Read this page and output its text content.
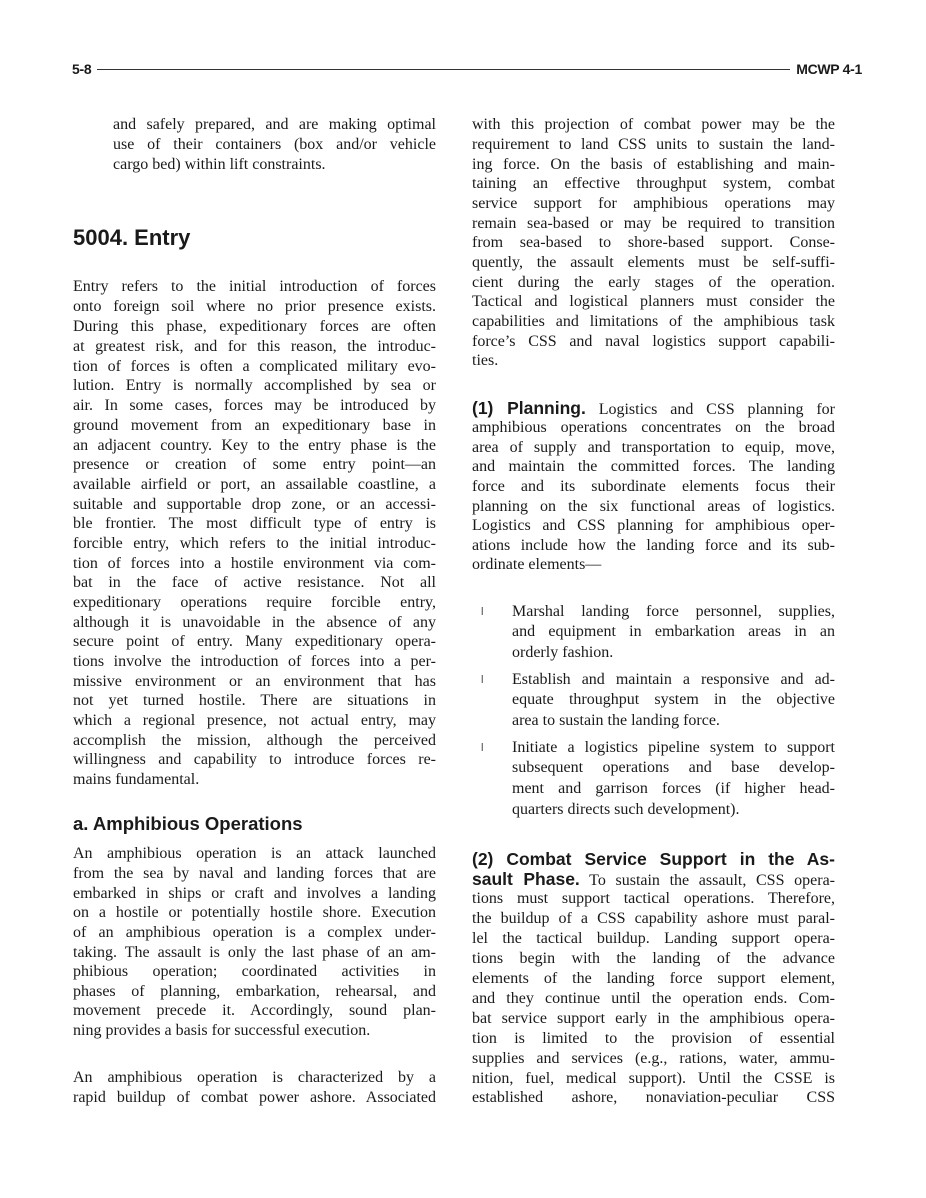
5-8	MCWP 4-1
and safely prepared, and are making optimal
use of their containers (box and/or vehicle
cargo bed) within lift constraints.
5004. Entry
Entry refers to the initial introduction of forces
onto foreign soil where no prior presence exists.
During this phase, expeditionary forces are often
at greatest risk, and for this reason, the introduc-
tion of forces is often a complicated military evo-
lution. Entry is normally accomplished by sea or
air. In some cases, forces may be introduced by
ground movement from an expeditionary base in
an adjacent country. Key to the entry phase is the
presence or creation of some entry point—an
available airfield or port, an assailable coastline, a
suitable and supportable drop zone, or an accessi-
ble frontier. The most difficult type of entry is
forcible entry, which refers to the initial introduc-
tion of forces into a hostile environment via com-
bat in the face of active resistance. Not all
expeditionary operations require forcible entry,
although it is unavoidable in the absence of any
secure point of entry. Many expeditionary opera-
tions involve the introduction of forces into a per-
missive environment or an environment that has
not yet turned hostile. There are situations in
which a regional presence, not actual entry, may
accomplish the mission, although the perceived
willingness and capability to introduce forces re-
mains fundamental.
a. Amphibious Operations
An amphibious operation is an attack launched
from the sea by naval and landing forces that are
embarked in ships or craft and involves a landing
on a hostile or potentially hostile shore. Execution
of an amphibious operation is a complex under-
taking. The assault is only the last phase of an am-
phibious operation; coordinated activities in
phases of planning, embarkation, rehearsal, and
movement precede it. Accordingly, sound plan-
ning provides a basis for successful execution.
An amphibious operation is characterized by a
rapid buildup of combat power ashore. Associated
with this projection of combat power may be the
requirement to land CSS units to sustain the land-
ing force. On the basis of establishing and main-
taining an effective throughput system, combat
service support for amphibious operations may
remain sea-based or may be required to transition
from sea-based to shore-based support. Conse-
quently, the assault elements must be self-suffi-
cient during the early stages of the operation.
Tactical and logistical planners must consider the
capabilities and limitations of the amphibious task
force’s CSS and naval logistics support capabili-
ties.
(1) Planning. Logistics and CSS planning for
amphibious operations concentrates on the broad
area of supply and transportation to equip, move,
and maintain the committed forces. The landing
force and its subordinate elements focus their
planning on the six functional areas of logistics.
Logistics and CSS planning for amphibious oper-
ations include how the landing force and its sub-
ordinate elements—
l Marshal landing force personnel, supplies,
and equipment in embarkation areas in an
orderly fashion.
l Establish and maintain a responsive and ad-
equate throughput system in the objective
area to sustain the landing force.
l Initiate a logistics pipeline system to support
subsequent operations and base develop-
ment and garrison forces (if higher head-
quarters directs such development).
(2) Combat Service Support in the As-
sault Phase. To sustain the assault, CSS opera-
tions must support tactical operations. Therefore,
the buildup of a CSS capability ashore must paral-
lel the tactical buildup. Landing support opera-
tions begin with the landing of the advance
elements of the landing force support element,
and they continue until the operation ends. Com-
bat service support early in the amphibious opera-
tion is limited to the provision of essential
supplies and services (e.g., rations, water, ammu-
nition, fuel, medical support). Until the CSSE is
established ashore, nonaviation-peculiar CSS
